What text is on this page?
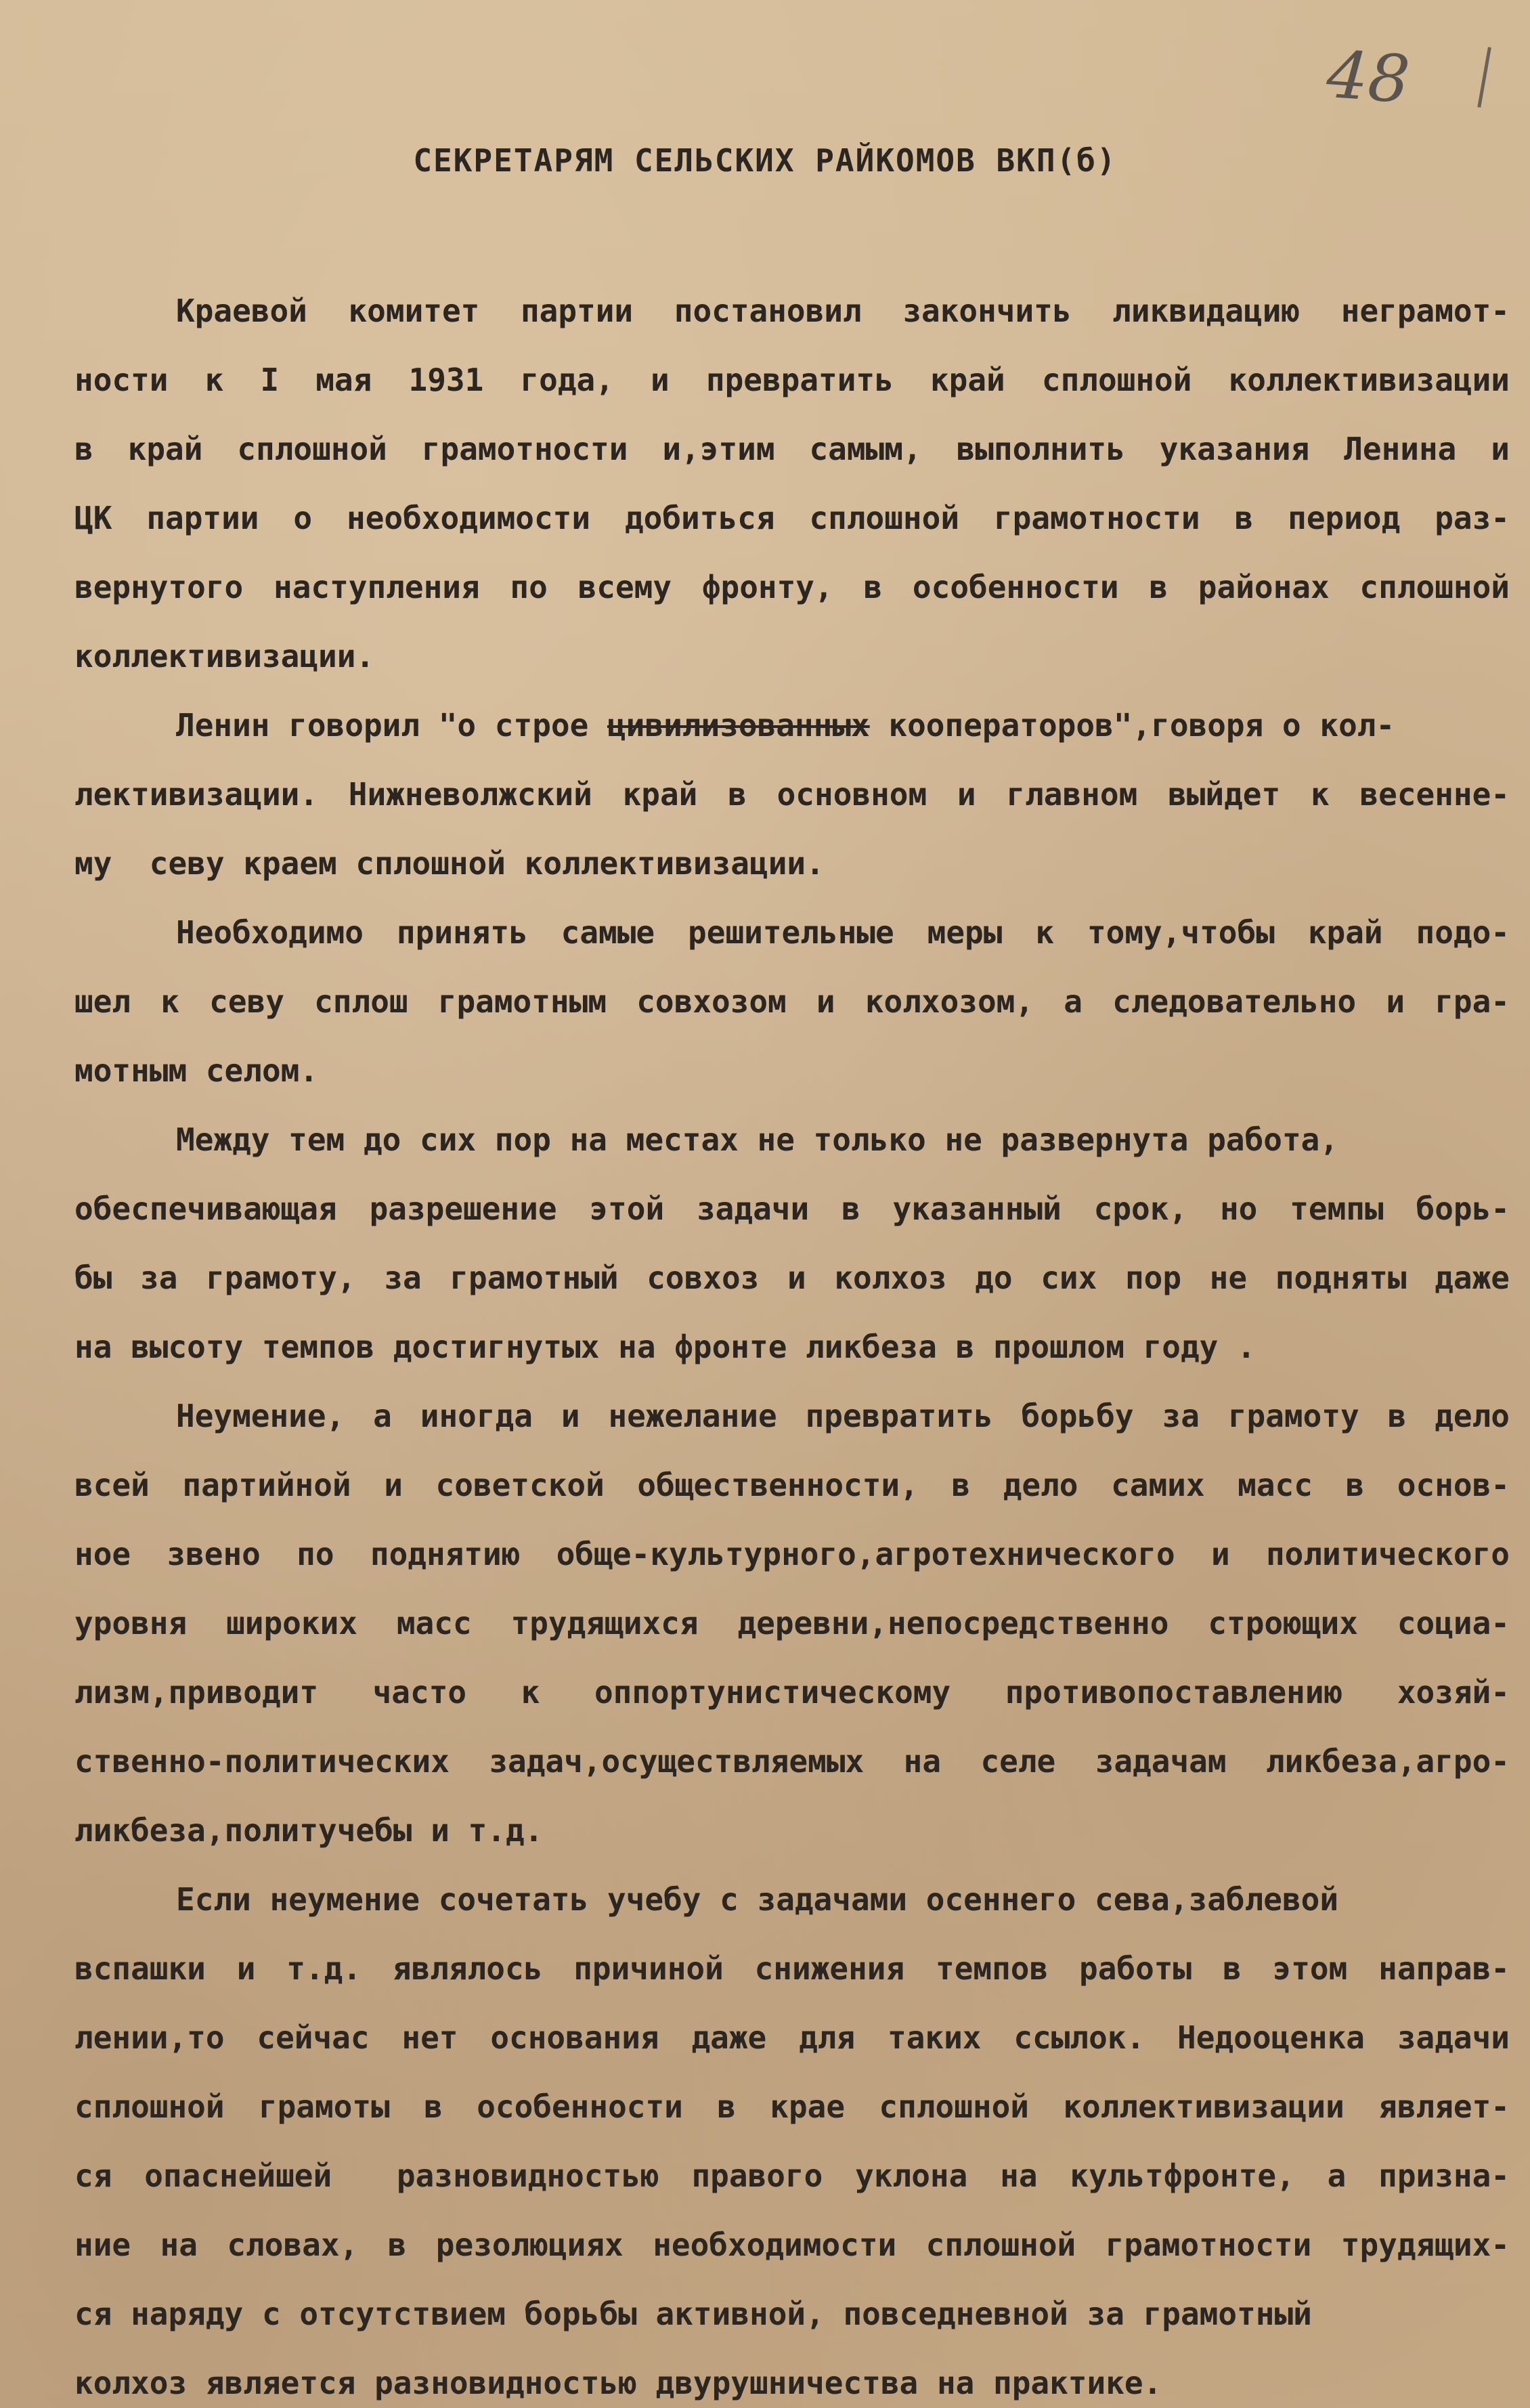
48
СЕКРЕТАРЯМ СЕЛЬСКИХ РАЙКОМОВ ВКП(б)
Краевой комитет партии постановил закончить ликвидацию неграмот-
ности к I мая 1931 года, и превратить край сплошной коллективизации
в край сплошной грамотности и,этим самым, выполнить указания Ленина и
ЦК партии о необходимости добиться сплошной грамотности в период раз-
вернутого наступления по всему фронту, в особенности в районах сплошной
коллективизации.
Ленин говорил "о строе цивилизованных кооператоров",говоря о кол-
лективизации. Нижневолжский край в основном и главном выйдет к весенне-
му  севу краем сплошной коллективизации.
Необходимо принять самые решительные меры к тому,чтобы край подо-
шел к севу сплош грамотным совхозом и колхозом, а следовательно и гра-
мотным селом.
Между тем до сих пор на местах не только не развернута работа,
обеспечивающая разрешение этой задачи в указанный срок, но темпы борь-
бы за грамоту, за грамотный совхоз и колхоз до сих пор не подняты даже
на высоту темпов достигнутых на фронте ликбеза в прошлом году .
Неумение, а иногда и нежелание превратить борьбу за грамоту в дело
всей партийной и советской общественности, в дело самих масс в основ-
ное звено по поднятию обще-культурного,агротехнического и политического
уровня широких масс трудящихся деревни,непосредственно строющих социа-
лизм,приводит часто к оппортунистическому противопоставлению хозяй-
ственно-политических задач,осуществляемых на селе задачам ликбеза,агро-
ликбеза,политучебы и т.д.
Если неумение сочетать учебу с задачами осеннего сева,заблевой
вспашки и т.д. являлось причиной снижения темпов работы в этом направ-
лении,то сейчас нет основания даже для таких ссылок. Недооценка задачи
сплошной грамоты в особенности в крае сплошной коллективизации являет-
ся опаснейшей  разновидностью правого уклона на культфронте, а призна-
ние на словах, в резолюциях необходимости сплошной грамотности трудящих-
ся наряду с отсутствием борьбы активной, повседневной за грамотный
колхоз является разновидностью двурушничества на практике.
